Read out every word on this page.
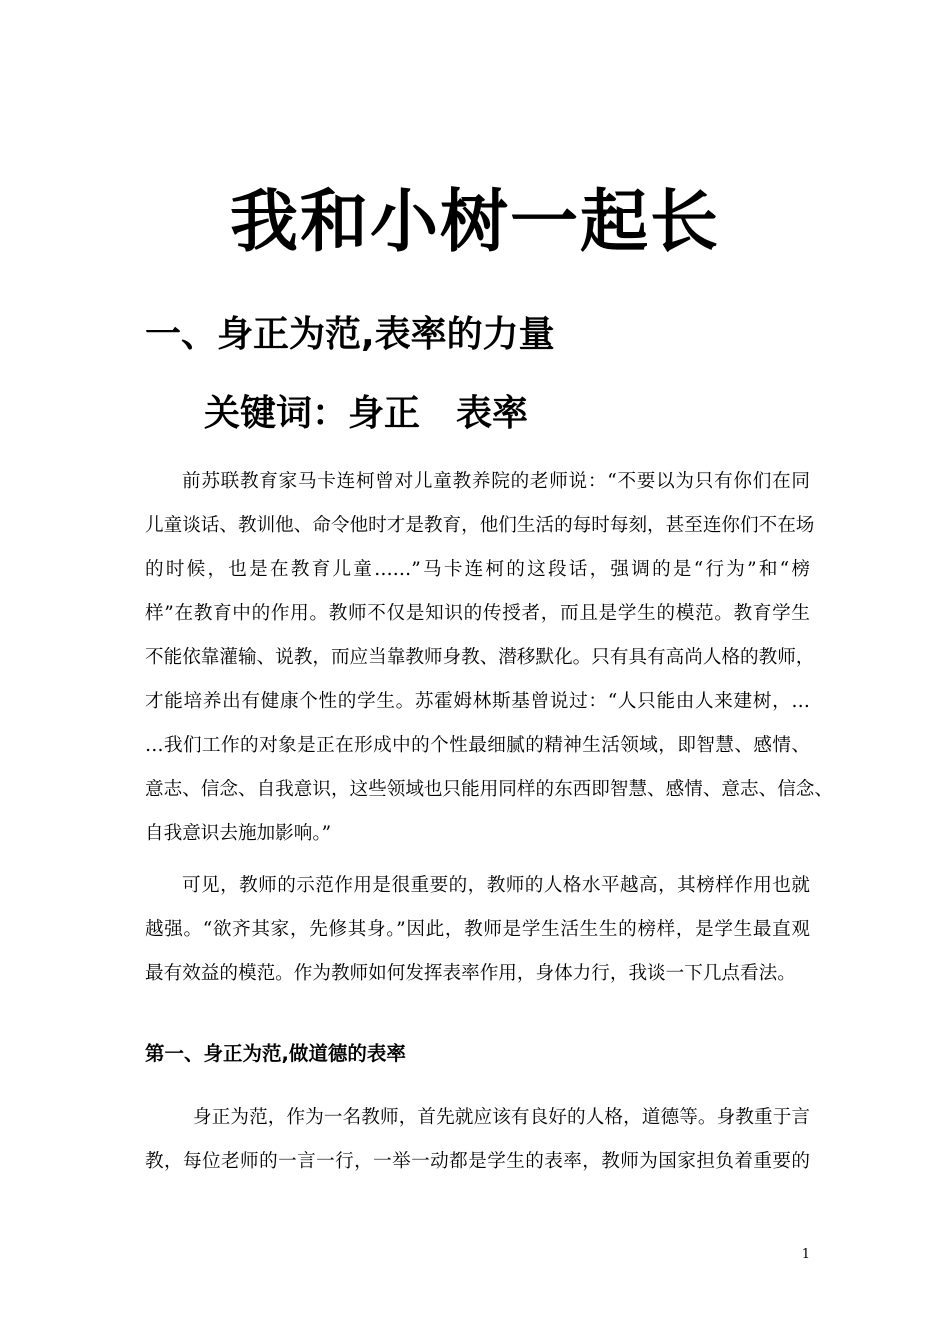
我和小树一起长
一、身正为范,表率的力量
关键词：身正 表率
前苏联教育家马卡连柯曾对儿童教养院的老师说：“不要以为只有你们在同
儿童谈话、教训他、命令他时才是教育，他们生活的每时每刻，甚至连你们不在场
的时候，也是在教育儿童……”马卡连柯的这段话，强调的是“行为”和“榜
样”在教育中的作用。教师不仅是知识的传授者，而且是学生的模范。教育学生
不能依靠灌输、说教，而应当靠教师身教、潜移默化。只有具有高尚人格的教师，
才能培养出有健康个性的学生。苏霍姆林斯基曾说过：“人只能由人来建树，…
…我们工作的对象是正在形成中的个性最细腻的精神生活领域，即智慧、感情、
意志、信念、自我意识，这些领域也只能用同样的东西即智慧、感情、意志、信念、
自我意识去施加影响。”
可见，教师的示范作用是很重要的，教师的人格水平越高，其榜样作用也就
越强。“欲齐其家，先修其身。”因此，教师是学生活生生的榜样，是学生最直观
最有效益的模范。作为教师如何发挥表率作用，身体力行，我谈一下几点看法。
第一、身正为范,做道德的表率
身正为范，作为一名教师，首先就应该有良好的人格，道德等。身教重于言
教，每位老师的一言一行，一举一动都是学生的表率，教师为国家担负着重要的
1
